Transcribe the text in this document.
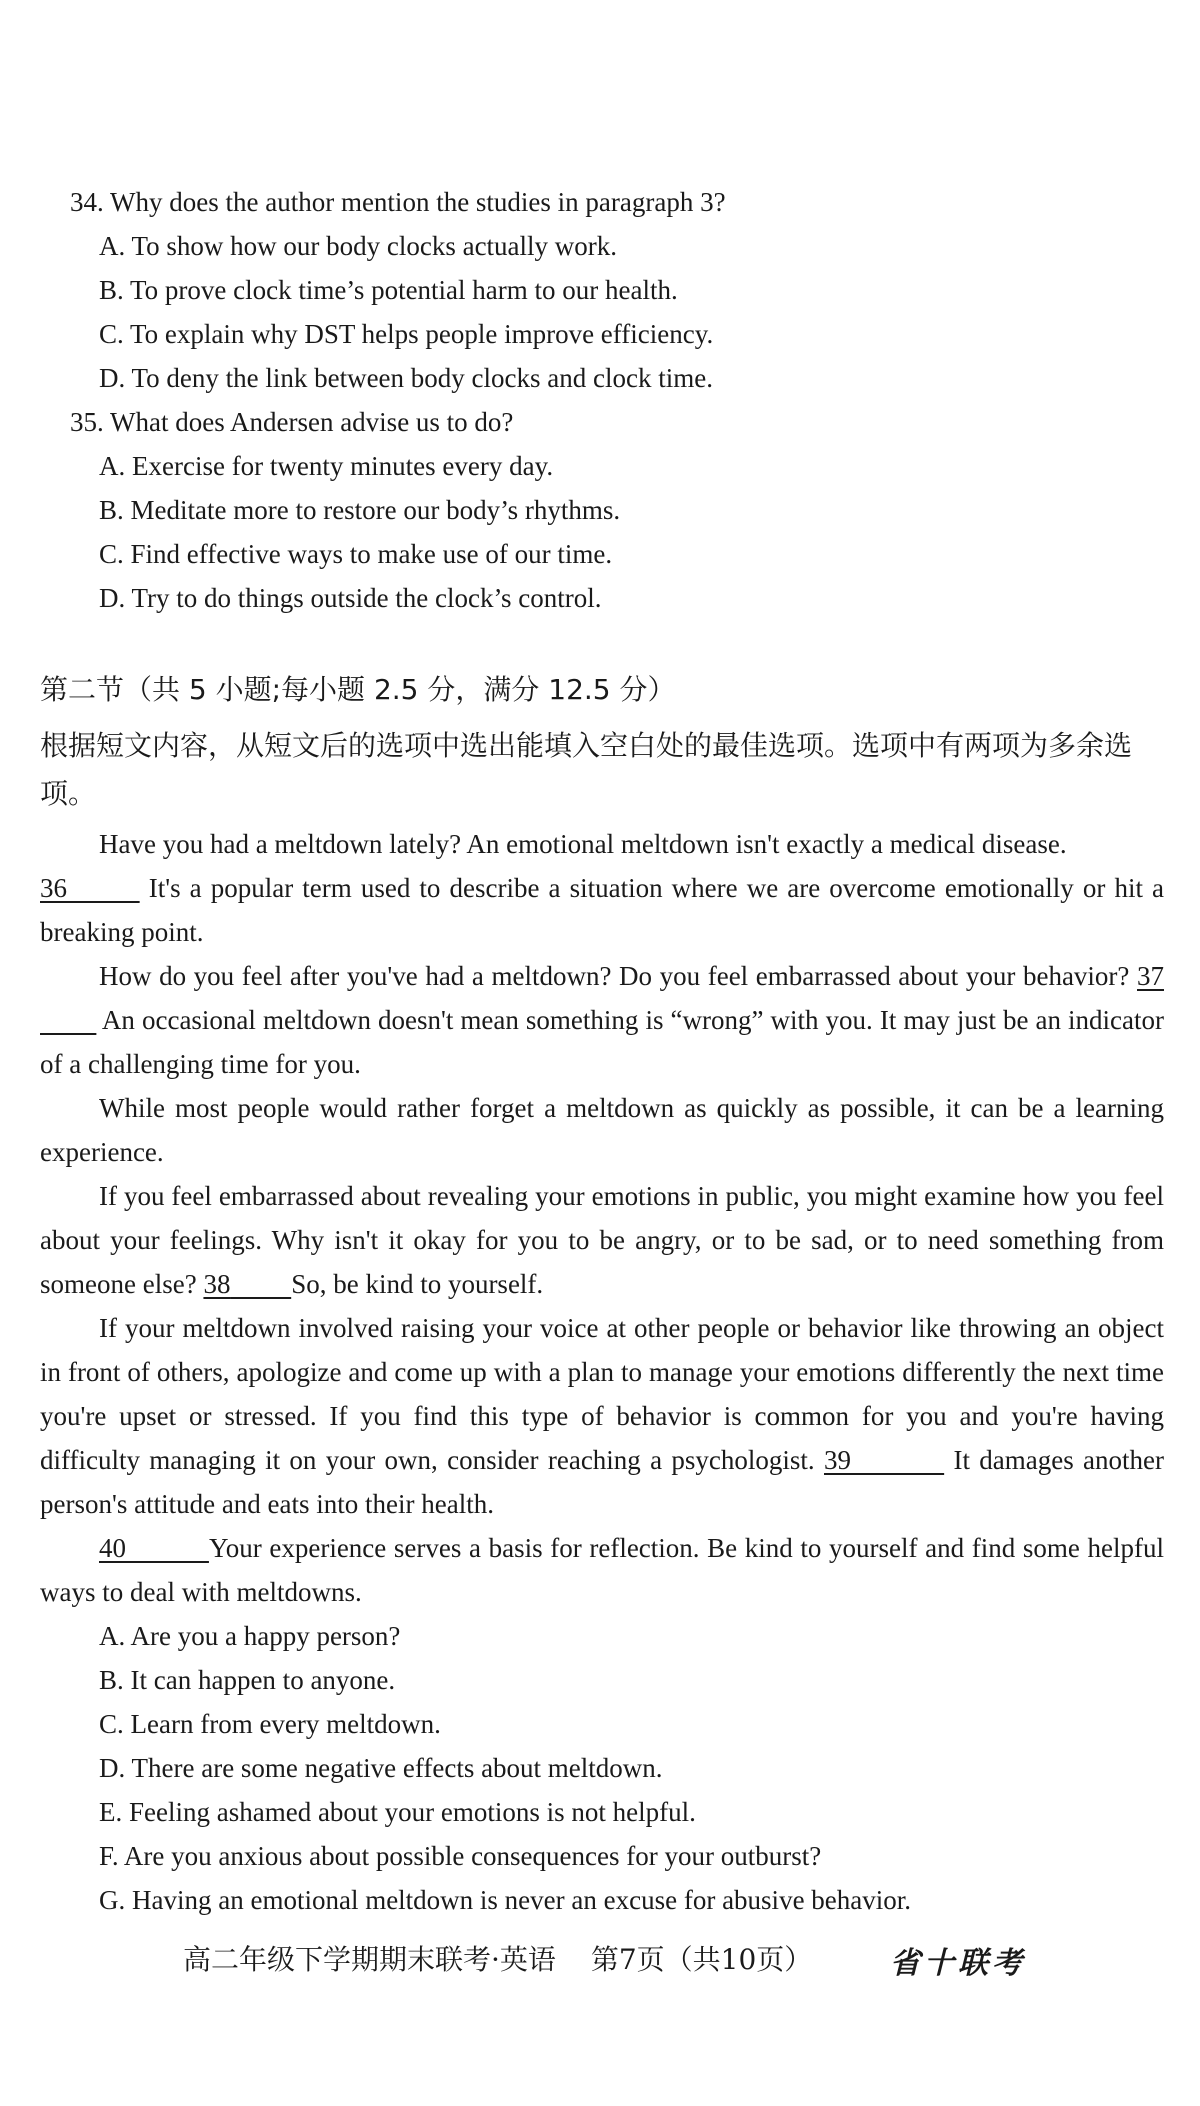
34. Why does the author mention the studies in paragraph 3?
A. To show how our body clocks actually work.
B. To prove clock time’s potential harm to our health.
C. To explain why DST helps people improve efficiency.
D. To deny the link between body clocks and clock time.
35. What does Andersen advise us to do?
A. Exercise for twenty minutes every day.
B. Meditate more to restore our body’s rhythms.
C. Find effective ways to make use of our time.
D. Try to do things outside the clock’s control.
第二节（共 5 小题;每小题 2.5 分，满分 12.5 分）
根据短文内容，从短文后的选项中选出能填入空白处的最佳选项。选项中有两项为多余选项。

Have you had a meltdown lately? An emotional meltdown isn't exactly a medical disease.

36	It's a popular term used to describe a situation where we are overcome emotionally or hit a breaking point.

How do you feel after you've had a meltdown? Do you feel embarrassed about your behavior? 37         An occasional meltdown doesn't mean something is “wrong” with you. It may just be an indicator of a challenging time for you.

While most people would rather forget a meltdown as quickly as possible, it can be a learning experience.

If you feel embarrassed about revealing your emotions in public, you might examine how you feel about your feelings. Why isn't it okay for you to be angry, or to be sad, or to need something from someone else? 38 So, be kind to yourself.

If your meltdown involved raising your voice at other people or behavior like throwing an object in front of others, apologize and come up with a plan to manage your emotions differently the next time you're upset or stressed. If you find this type of behavior is common for you and you're having difficulty managing it on your own, consider reaching a psychologist. 39	It damages another person's attitude and eats into their health.

40	Your experience serves a basis for reflection. Be kind to yourself and find some helpful ways to deal with meltdowns.

A. Are you a happy person?
B. It can happen to anyone.
C. Learn from every meltdown.
D. There are some negative effects about meltdown.
E. Feeling ashamed about your emotions is not helpful.
F. Are you anxious about possible consequences for your outburst?
G. Having an emotional meltdown is never an excuse for abusive behavior.
高二年级下学期期末联考·英语 第7页（共10页）	省十联考
